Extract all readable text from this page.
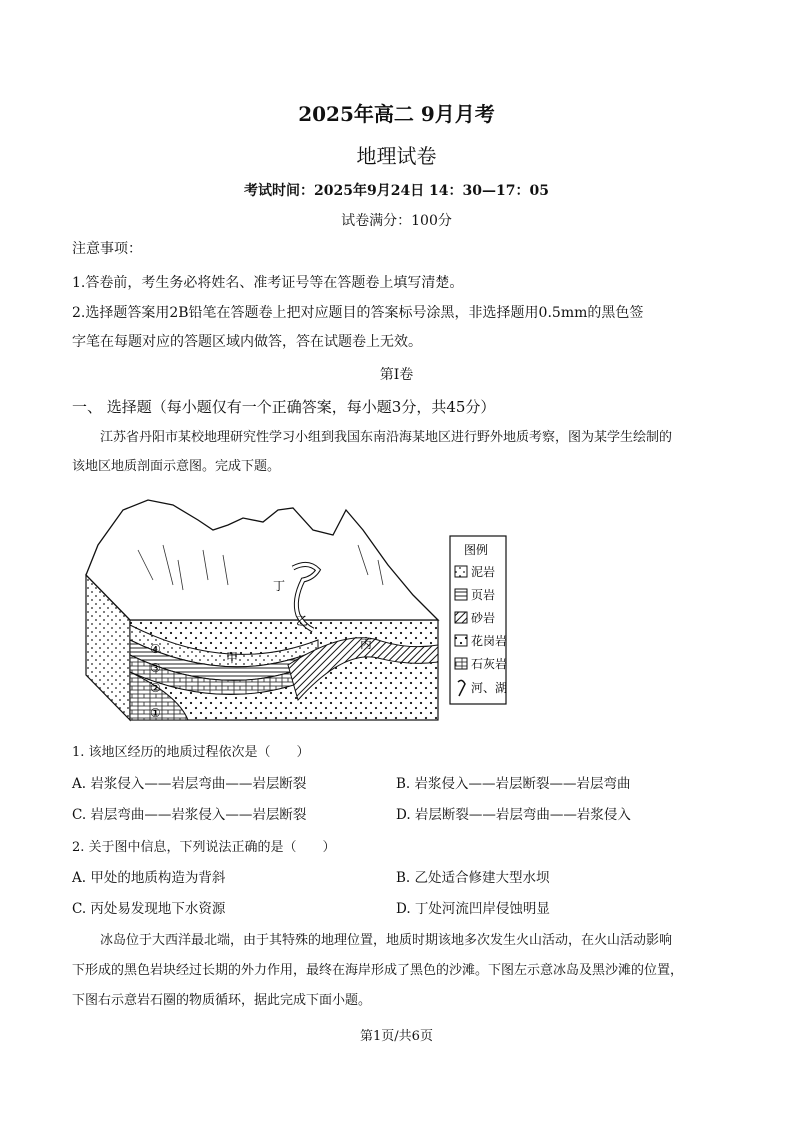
2025年高二 9月月考
地理试卷
考试时间：2025年9月24日 14：30—17：05
试卷满分：100分
注意事项：
1.答卷前，考生务必将姓名、准考证号等在答题卷上填写清楚。
2.选择题答案用2B铅笔在答题卷上把对应题目的答案标号涂黑，非选择题用0.5mm的黑色签
字笔在每题对应的答题区域内做答，答在试题卷上无效。
第Ⅰ卷
一、 选择题（每小题仅有一个正确答案，每小题3分，共45分）
江苏省丹阳市某校地理研究性学习小组到我国东南沿海某地区进行野外地质考察，图为某学生绘制的
该地区地质剖面示意图。完成下题。
甲
乙
丙
丁
①
②
③
④
图例
泥岩
页岩
砂岩
花岗岩
石灰岩
河、湖
1. 该地区经历的地质过程依次是（　　）
A. 岩浆侵入——岩层弯曲——岩层断裂	B. 岩浆侵入——岩层断裂——岩层弯曲
C. 岩层弯曲——岩浆侵入——岩层断裂	D. 岩层断裂——岩层弯曲——岩浆侵入
2. 关于图中信息，下列说法正确的是（　　）
A. 甲处的地质构造为背斜	B. 乙处适合修建大型水坝
C. 丙处易发现地下水资源	D. 丁处河流凹岸侵蚀明显
冰岛位于大西洋最北端，由于其特殊的地理位置，地质时期该地多次发生火山活动，在火山活动影响
下形成的黑色岩块经过长期的外力作用，最终在海岸形成了黑色的沙滩。下图左示意冰岛及黑沙滩的位置，
下图右示意岩石圈的物质循环，据此完成下面小题。
第1页/共6页
